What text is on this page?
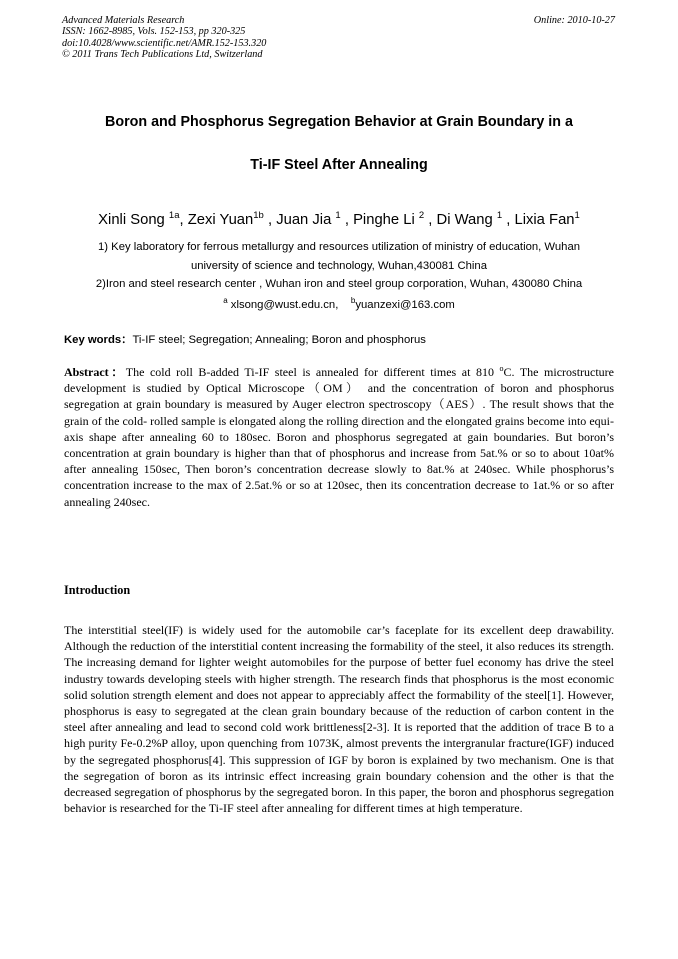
Advanced Materials Research
ISSN: 1662-8985, Vols. 152-153, pp 320-325
doi:10.4028/www.scientific.net/AMR.152-153.320
© 2011 Trans Tech Publications Ltd, Switzerland
Online: 2010-10-27
Boron and Phosphorus Segregation Behavior at Grain Boundary in a
Ti-IF Steel After Annealing
Xinli Song $^{1a}$, Zexi Yuan$^{1b}$ , Juan Jia $^1$ , Pinghe Li $^2$ , Di Wang $^1$ , Lixia Fan$^1$
1) Key laboratory for ferrous metallurgy and resources utilization of ministry of education, Wuhan
university of science and technology, Wuhan,430081 China
2)Iron and steel research center , Wuhan iron and steel group corporation, Wuhan, 430080 China
$^a$ xlsong@wust.edu.cn, $^b$yuanzexi@163.com
Key words：Ti-IF steel; Segregation; Annealing; Boron and phosphorus
Abstract：The cold roll B-added Ti-IF steel is annealed for different times at 810 $^o$C. The microstructure development is studied by Optical Microscope（OM） and the concentration of boron and phosphorus segregation at grain boundary is measured by Auger electron spectroscopy（AES）. The result shows that the grain of the cold- rolled sample is elongated along the rolling direction and the elongated grains become into equi-axis shape after annealing 60 to 180sec. Boron and phosphorus segregated at gain boundaries. But boron’s concentration at grain boundary is higher than that of phosphorus and increase from 5at.% or so to about 10at% after annealing 150sec, Then boron’s concentration decrease slowly to 8at.% at 240sec. While phosphorus’s concentration increase to the max of 2.5at.% or so at 120sec, then its concentration decrease to 1at.% or so after annealing 240sec.
Introduction
The interstitial steel(IF) is widely used for the automobile car’s faceplate for its excellent deep drawability. Although the reduction of the interstitial content increasing the formability of the steel, it also reduces its strength. The increasing demand for lighter weight automobiles for the purpose of better fuel economy has drive the steel industry towards developing steels with higher strength. The research finds that phosphorus is the most economic solid solution strength element and does not appear to appreciably affect the formability of the steel[1]. However, phosphorus is easy to segregated at the clean grain boundary because of the reduction of carbon content in the steel after annealing and lead to second cold work brittleness[2-3]. It is reported that the addition of trace B to a high purity Fe-0.2%P alloy, upon quenching from 1073K, almost prevents the intergranular fracture(IGF) induced by the segregated phosphorus[4]. This suppression of IGF by boron is explained by two mechanism. One is that the segregation of boron as its intrinsic effect increasing grain boundary cohension and the other is that the decreased segregation of phosphorus by the segregated boron. In this paper, the boron and phosphorus segregation behavior is researched for the Ti-IF steel after annealing for different times at high temperature.
